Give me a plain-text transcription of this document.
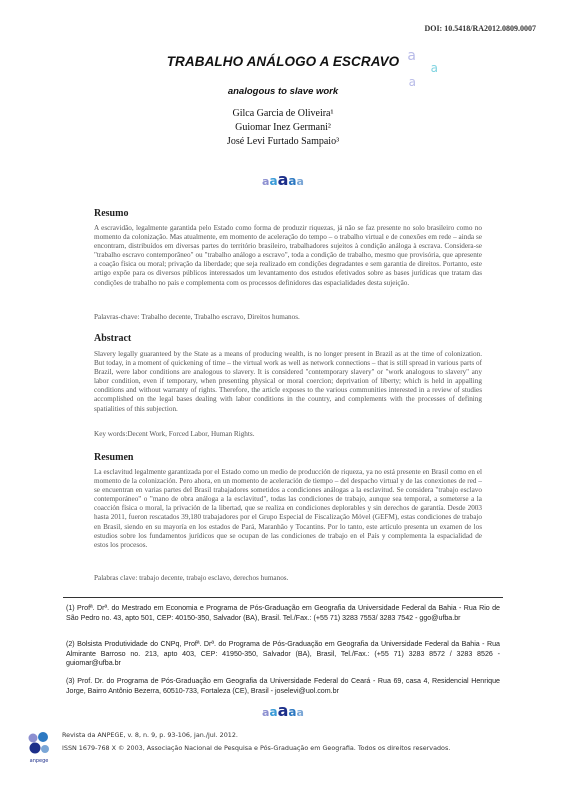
DOI: 10.5418/RA2012.0809.0007
a
a
a
TRABALHO ANÁLOGO A ESCRAVO
analogous to slave work
Gilca Garcia de Oliveira¹
Guiomar Inez Germani²
José Levi Furtado Sampaio³
aaaaa
Resumo
A escravidão, legalmente garantida pelo Estado como forma de produzir riquezas, já não se faz presente no solo brasileiro como no momento da colonização. Mas atualmente, em momento de aceleração do tempo – o trabalho virtual e de conexões em rede – ainda se encontram, distribuídos em diversas partes do território brasileiro, trabalhadores sujeitos à condição análoga à escrava. Considera-se "trabalho escravo contemporâneo" ou "trabalho análogo a escravo", toda a condição de trabalho, mesmo que provisória, que apresente a coação física ou moral; privação da liberdade; que seja realizado em condições degradantes e sem garantia de direitos. Portanto, este artigo expõe para os diversos públicos interessados um levantamento dos estudos efetivados sobre as bases jurídicas que tratam das condições de trabalho no país e complementa com os processos definidores das espacialidades desta sujeição.
Palavras-chave: Trabalho decente, Trabalho escravo, Direitos humanos.
Abstract
Slavery legally guaranteed by the State as a means of producing wealth, is no longer present in Brazil as at the time of colonization. But today, in a moment of quickening of time – the virtual work as well as network connections – that is still spread in various parts of Brazil, were labor conditions are analogous to slavery. It is considered "contemporary slavery" or "work analogous to slavery" any labor condition, even if temporary, when presenting physical or moral coercion; deprivation of liberty; which is held in appalling conditions and without warranty of rights. Therefore, the article exposes to the various communities interested in a review of studies accomplished on the legal bases dealing with labor conditions in the country, and complements with the processes of defining spatialities of this subjection.
Key words:Decent Work, Forced Labor, Human Rights.
Resumen
La esclavitud legalmente garantizada por el Estado como un medio de producción de riqueza, ya no está presente en Brasil como en el momento de la colonización. Pero ahora, en un momento de aceleración de tiempo – del despacho virtual y de las conexiones de red – se encuentran en varias partes del Brasil trabajadores sometidos a condiciones análogas a la esclavitud. Se considera "trabajo esclavo contemporáneo" o "mano de obra análoga a la esclavitud", todas las condiciones de trabajo, aunque sea temporal, a someterse a la coacción física o moral, la privación de la libertad, que se realiza en condiciones deplorables y sin derechos de garantía. Desde 2003 hasta 2011, fueron rescatados 39,180 trabajadores por el Grupo Especial de Fiscalização Móvel (GEFM), estas condiciones de trabajo en Brasil, siendo en su mayoría en los estados de Pará, Maranhão y Tocantins. Por lo tanto, este artículo presenta un examen de los estudios sobre los fundamentos jurídicos que se ocupan de las condiciones de trabajo en el País y complementa la espacialidad de estos los procesos.
Palabras clave: trabajo decente, trabajo esclavo, derechos humanos.
(1) Profª. Drª. do Mestrado em Economia e Programa de Pós-Graduação em Geografia da Universidade Federal da Bahia - Rua Rio de São Pedro no. 43, apto 501, CEP: 40150-350, Salvador (BA), Brasil. Tel./Fax.: (+55 71) 3283 7553/ 3283 7542 - ggo@ufba.br
(2) Bolsista Produtividade do CNPq, Profª. Drª. do Programa de Pós-Graduação em Geografia da Universidade Federal da Bahia - Rua Almirante Barroso no. 213, apto 403, CEP: 41950-350, Salvador (BA), Brasil, Tel./Fax.: (+55 71) 3283 8572 / 3283 8526 - guiomar@ufba.br
(3) Prof. Dr. do Programa de Pós-Graduação em Geografia da Universidade Federal do Ceará - Rua 69, casa 4, Residencial Henrique Jorge, Bairro Antônio Bezerra, 60510-733, Fortaleza (CE), Brasil - joselevi@uol.com.br
aaaaa
anpege
Revista da ANPEGE, v. 8, n. 9, p. 93-106, jan./jul. 2012.
ISSN 1679-768 X © 2003, Associação Nacional de Pesquisa e Pós-Graduação em Geografia. Todos os direitos reservados.
